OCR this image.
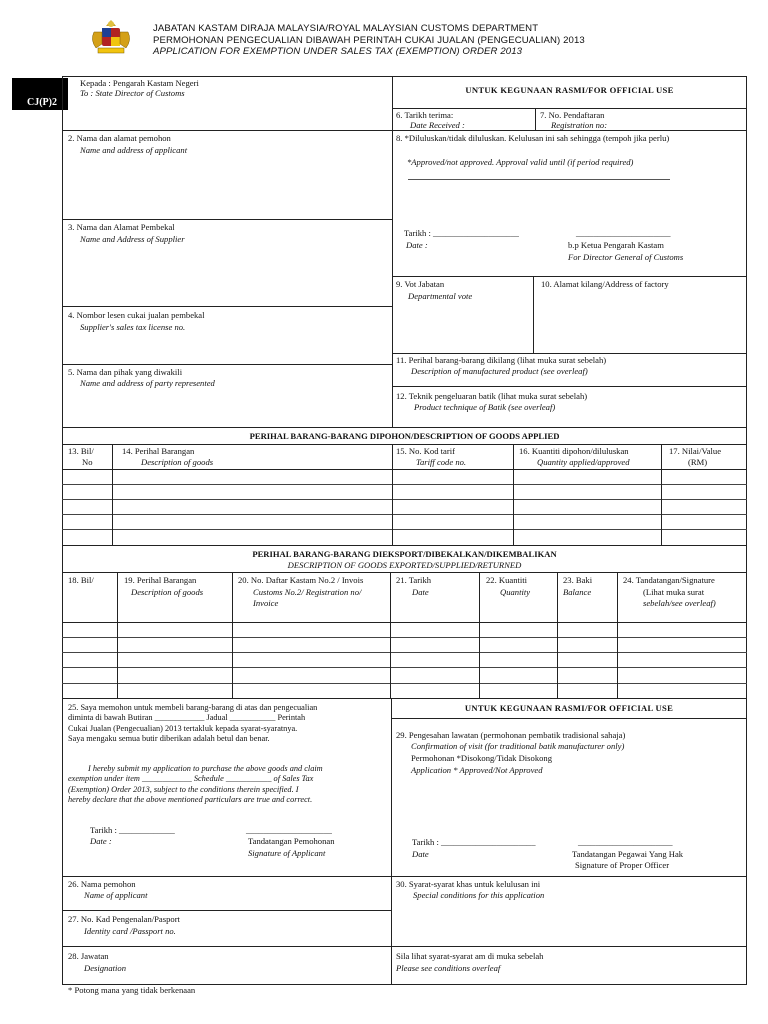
JABATAN KASTAM DIRAJA MALAYSIA/ROYAL MALAYSIAN CUSTOMS DEPARTMENT
PERMOHONAN PENGECUALIAN DIBAWAH PERINTAH CUKAI JUALAN (PENGECUALIAN) 2013
APPLICATION FOR EXEMPTION UNDER SALES TAX (EXEMPTION) ORDER 2013
CJ(P)2
Kepada : Pengarah Kastam Negeri
To : State Director of Customs
2. Nama dan alamat pemohon
Name and address of applicant
3. Nama dan Alamat Pembekal
Name and Address of Supplier
4. Nombor lesen cukai jualan pembekal
Supplier's sales tax license no.
5. Nama dan pihak yang diwakili
Name and address of party represented
UNTUK KEGUNAAN RASMI/FOR OFFICIAL USE
6. Tarikh terima:
Date Received :
7. No. Pendaftaran
Registration no:
8. *Diluluskan/tidak diluluskan. Kelulusan ini sah sehingga (tempoh jika perlu)
*Approved/not approved. Approval valid until (if period required)
Tarikh : ____________________
Date :
______________________
b.p Ketua Pengarah Kastam
For Director General of Customs
9. Vot Jabatan
Departmental vote
10. Alamat kilang/Address of factory
11. Perihal barang-barang dikilang (lihat muka surat sebelah)
Description of manufactured product (see overleaf)
12. Teknik pengeluaran batik (lihat muka surat sebelah)
Product technique of Batik (see overleaf)
PERIHAL BARANG-BARANG DIPOHON/DESCRIPTION OF GOODS APPLIED
13. Bil/
No
14. Perihal Barangan
Description of goods
15. No. Kod tarif
Tariff code no.
16. Kuantiti dipohon/diluluskan
Quantity applied/approved
17. Nilai/Value
(RM)
PERIHAL BARANG-BARANG DIEKSPORT/DIBEKALKAN/DIKEMBALIKAN
DESCRIPTION OF GOODS EXPORTED/SUPPLIED/RETURNED
18. Bil/	19. Perihal Barangan
Description of goods
20. No. Daftar Kastam No.2 / Invois
Customs No.2/ Registration no/
Invoice
21. Tarikh
Date
22. Kuantiti
Quantity
23. Baki
Balance
24. Tandatangan/Signature
(Lihat muka surat
sebelah/see overleaf)
25. Saya memohon untuk membeli barang-barang di atas dan pengecualian
diminta di bawah Butiran ____________ Jadual ___________ Perintah
Cukai Jualan (Pengecualian) 2013 tertakluk kepada syarat-syaratnya.
Saya mengaku semua butir diberikan adalah betul dan benar.
I hereby submit my application to purchase the above goods and claim
exemption under item ____________ Schedule ___________ of Sales Tax
(Exemption) Order 2013, subject to the conditions therein specified. I
hereby declare that the above mentioned particulars are true and correct.
Tarikh : _____________
Date :
____________________
Tandatangan Pemohonan
Signature of Applicant
UNTUK KEGUNAAN RASMI/FOR OFFICIAL USE
29. Pengesahan lawatan (permohonan pembatik tradisional sahaja)
Confirmation of visit (for traditional batik manufacturer only)
Permohonan *Disokong/Tidak Disokong
Application * Approved/Not Approved
Tarikh : ______________________
Date
______________________
Tandatangan Pegawai Yang Hak
Signature of Proper Officer
26. Nama pemohon
Name of applicant
27. No. Kad Pengenalan/Pasport
Identity card /Passport no.
28. Jawatan
Designation
30. Syarat-syarat khas untuk kelulusan ini
Special conditions for this application
Sila lihat syarat-syarat am di muka sebelah
Please see conditions overleaf
* Potong mana yang tidak berkenaan
